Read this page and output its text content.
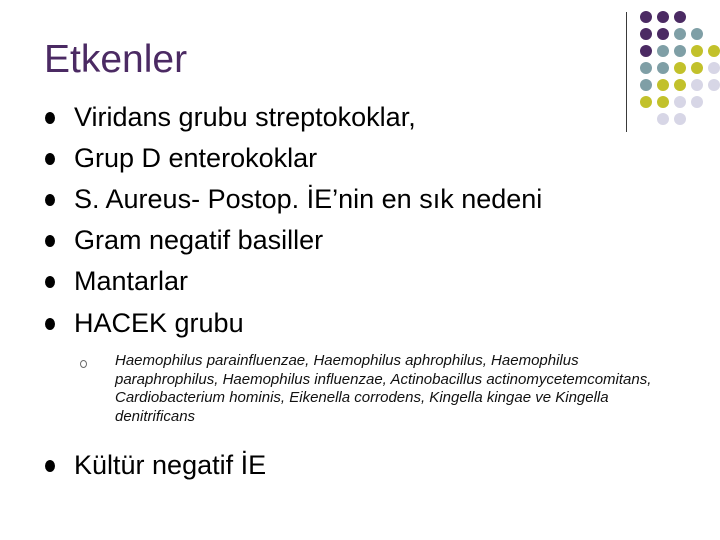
Etkenler
Viridans grubu streptokoklar,
Grup D enterokoklar
S. Aureus- Postop. İE’nin en sık nedeni
Gram negatif basiller
Mantarlar
HACEK grubu
Haemophilus parainfluenzae, Haemophilus aphrophilus, Haemophilus paraphrophilus, Haemophilus influenzae, Actinobacillus actinomycetemcomitans, Cardiobacterium hominis, Eikenella corrodens, Kingella kingae ve Kingella denitrificans
Kültür negatif İE
